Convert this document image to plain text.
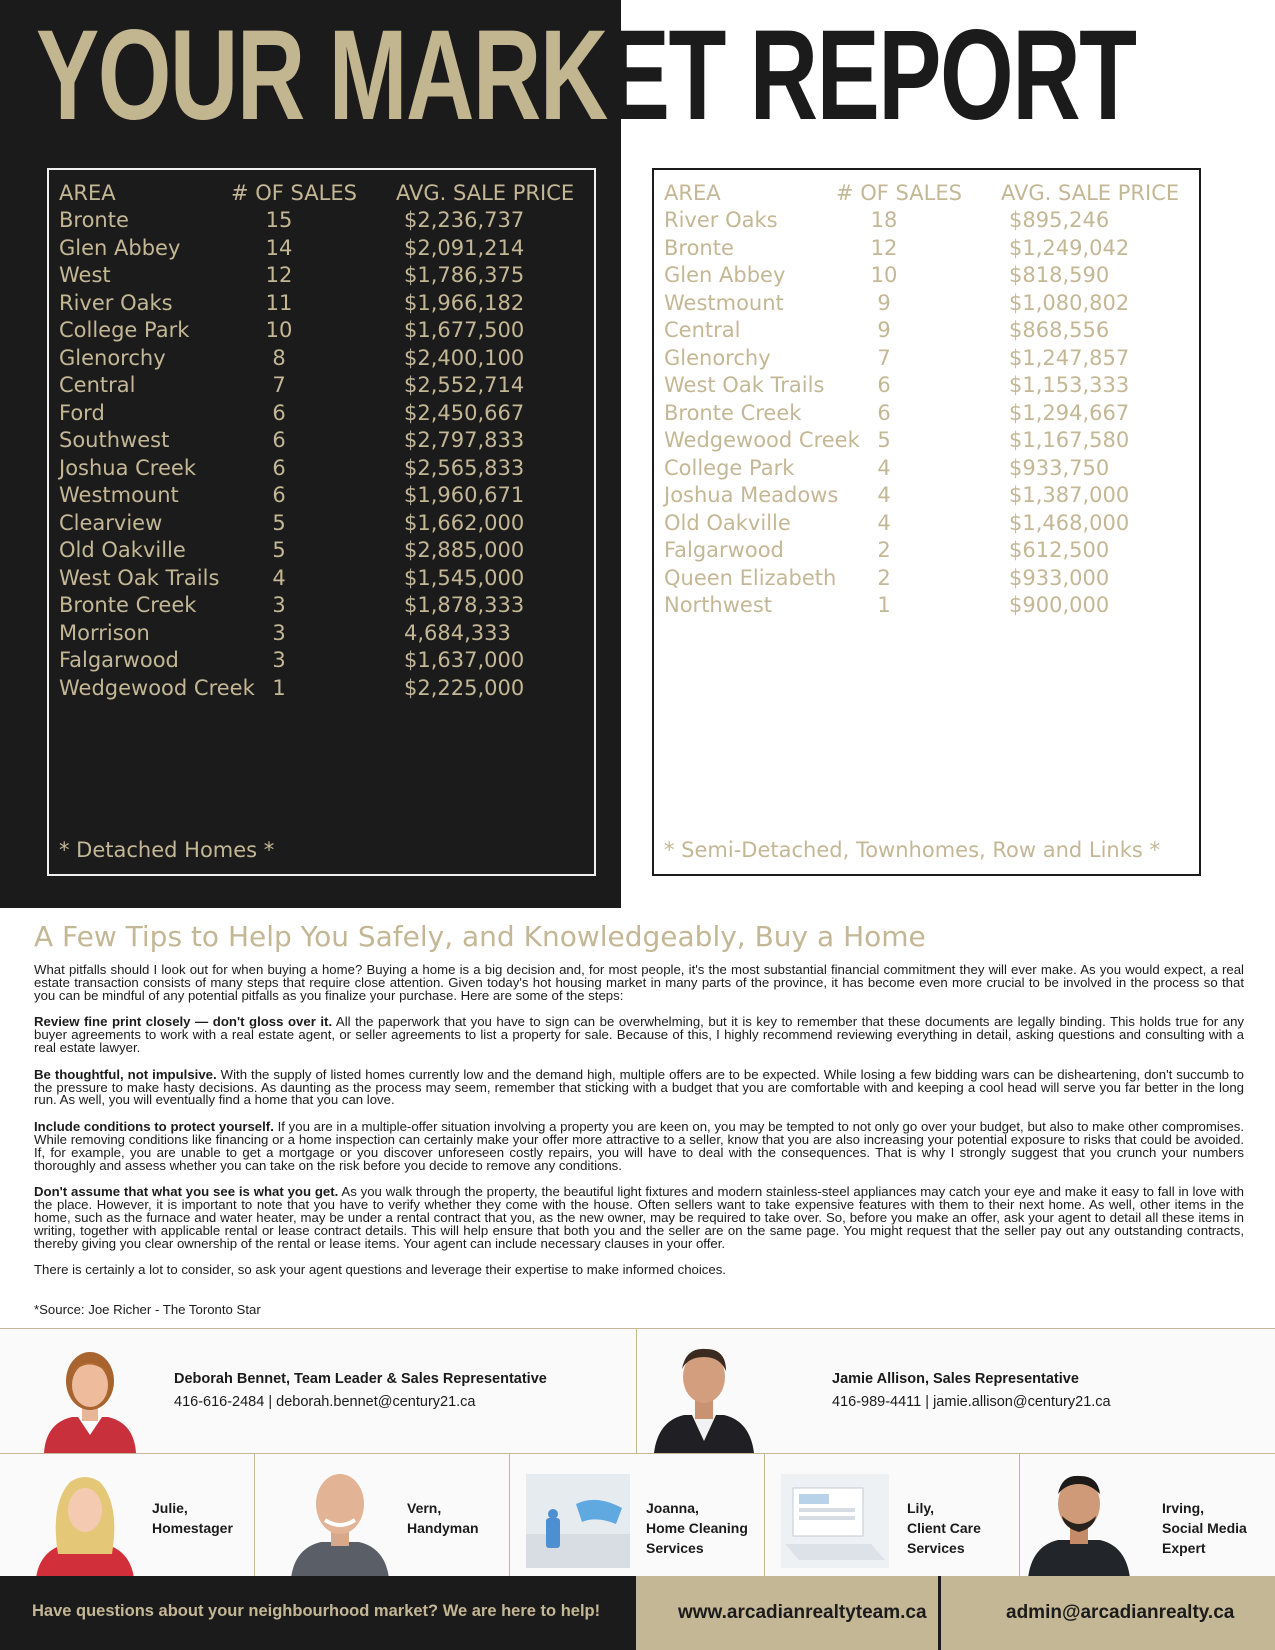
YOUR MARKET REPORT
AREA	# OF SALES AVG. SALE PRICE
Bronte	15	$2,236,737
Glen Abbey	14	$2,091,214
West	12	$1,786,375
River Oaks	11	$1,966,182
College Park	10	$1,677,500
Glenorchy	8	$2,400,100
Central	7	$2,552,714
Ford	6	$2,450,667
Southwest	6	$2,797,833
Joshua Creek	6	$2,565,833
Westmount	6	$1,960,671
Clearview	5	$1,662,000
Old Oakville	5	$2,885,000
West Oak Trails	4	$1,545,000
Bronte Creek	3	$1,878,333
Morrison	3	4,684,333
Falgarwood	3	$1,637,000
Wedgewood Creek 1	$2,225,000
* Detached Homes *
AREA	# OF SALES AVG. SALE PRICE
River Oaks	18	$895,246
Bronte	12	$1,249,042
Glen Abbey	10	$818,590
Westmount	9	$1,080,802
Central	9	$868,556
Glenorchy	7	$1,247,857
West Oak Trails	6	$1,153,333
Bronte Creek	6	$1,294,667
Wedgewood Creek 5	$1,167,580
College Park	4	$933,750
Joshua Meadows	4	$1,387,000
Old Oakville	4	$1,468,000
Falgarwood	2	$612,500
Queen Elizabeth	2	$933,000
Northwest	1	$900,000
* Semi-Detached, Townhomes, Row and Links *
A Few Tips to Help You Safely, and Knowledgeably, Buy a Home

What pitfalls should I look out for when buying a home? Buying a home is a big decision and, for most people, it's the most substantial financial commitment they will ever make. As you would expect, a real estate transaction consists of many steps that require close attention. Given today's hot housing market in many parts of the province, it has become even more crucial to be involved in the process so that you can be mindful of any potential pitfalls as you finalize your purchase. Here are some of the steps:

Review fine print closely — don't gloss over it. All the paperwork that you have to sign can be overwhelming, but it is key to remember that these documents are legally binding. This holds true for any buyer agreements to work with a real estate agent, or seller agreements to list a property for sale. Because of this, I highly recommend reviewing everything in detail, asking questions and consulting with a real estate lawyer.

Be thoughtful, not impulsive. With the supply of listed homes currently low and the demand high, multiple offers are to be expected. While losing a few bidding wars can be disheartening, don't succumb to the pressure to make hasty decisions. As daunting as the process may seem, remember that sticking with a budget that you are comfortable with and keeping a cool head will serve you far better in the long run. As well, you will eventually find a home that you can love.

Include conditions to protect yourself. If you are in a multiple-offer situation involving a property you are keen on, you may be tempted to not only go over your budget, but also to make other compromises. While removing conditions like financing or a home inspection can certainly make your offer more attractive to a seller, know that you are also increasing your potential exposure to risks that could be avoided. If, for example, you are unable to get a mortgage or you discover unforeseen costly repairs, you will have to deal with the consequences. That is why I strongly suggest that you crunch your numbers thoroughly and assess whether you can take on the risk before you decide to remove any conditions.

Don't assume that what you see is what you get. As you walk through the property, the beautiful light fixtures and modern stainless-steel appliances may catch your eye and make it easy to fall in love with the place. However, it is important to note that you have to verify whether they come with the house. Often sellers want to take expensive features with them to their next home. As well, other items in the home, such as the furnace and water heater, may be under a rental contract that you, as the new owner, may be required to take over. So, before you make an offer, ask your agent to detail all these items in writing, together with applicable rental or lease contract details. This will help ensure that both you and the seller are on the same page. You might request that the seller pay out any outstanding contracts, thereby giving you clear ownership of the rental or lease items. Your agent can include necessary clauses in your offer.

There is certainly a lot to consider, so ask your agent questions and leverage their expertise to make informed choices.

*Source: Joe Richer - The Toronto Star
Deborah Bennet, Team Leader & Sales Representative
416-616-2484 | deborah.bennet@century21.ca
Jamie Allison, Sales Representative
416-989-4411 | jamie.allison@century21.ca
Julie,
Homestager
Vern,
Handyman
Joanna,
Home Cleaning
Services
Lily,
Client Care
Services
Irving,
Social Media
Expert
Have questions about your neighbourhood market? We are here to help!	www.arcadianrealtyteam.ca	admin@arcadianrealty.ca
